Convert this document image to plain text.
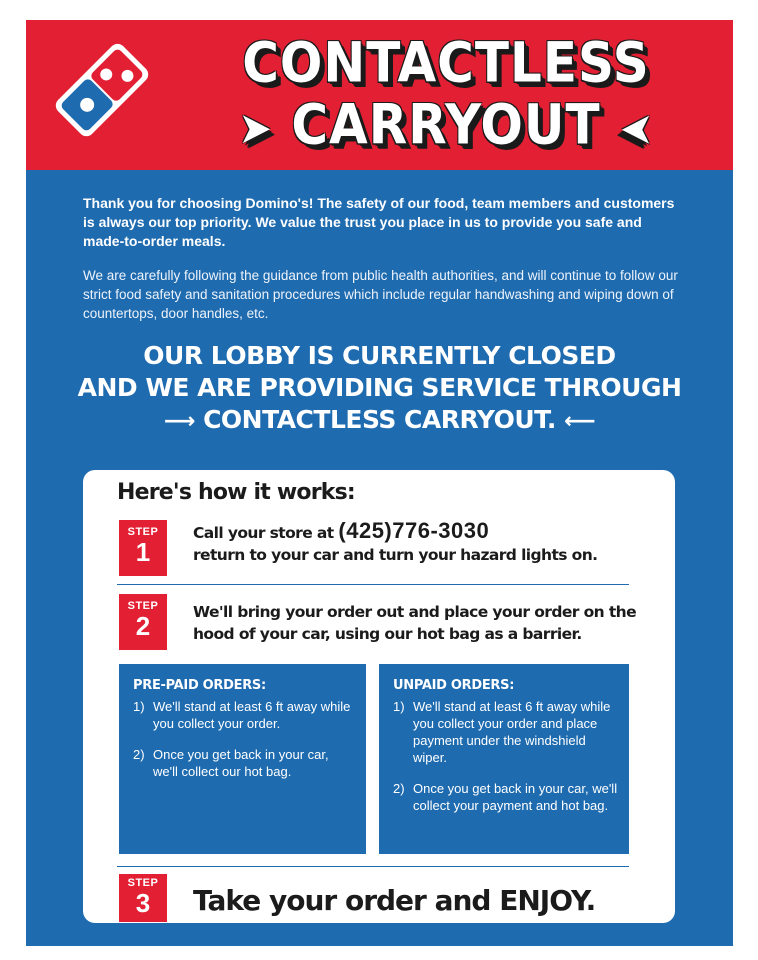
CONTACTLESS
➤ CARRYOUT ➤
Thank you for choosing Domino's! The safety of our food, team members and customers is always our top priority. We value the trust you place in us to provide you safe and made-to-order meals.
We are carefully following the guidance from public health authorities, and will continue to follow our strict food safety and sanitation procedures which include regular handwashing and wiping down of countertops, door handles, etc.
OUR LOBBY IS CURRENTLY CLOSED
AND WE ARE PROVIDING SERVICE THROUGH
⟶ CONTACTLESS CARRYOUT. ⟵
Here's how it works:
STEP
1
Call your store at (425)776-3030
return to your car and turn your hazard lights on.
STEP
2	We'll bring your order out and place your order on the
hood of your car, using our hot bag as a barrier.
PRE-PAID ORDERS:
1) We'll stand at least 6 ft away while you collect your order.
2) Once you get back in your car, we'll collect our hot bag.
UNPAID ORDERS:
1) We'll stand at least 6 ft away while you collect your order and place payment under the windshield wiper.
2) Once you get back in your car, we'll collect your payment and hot bag.
STEP
3	Take your order and ENJOY.
